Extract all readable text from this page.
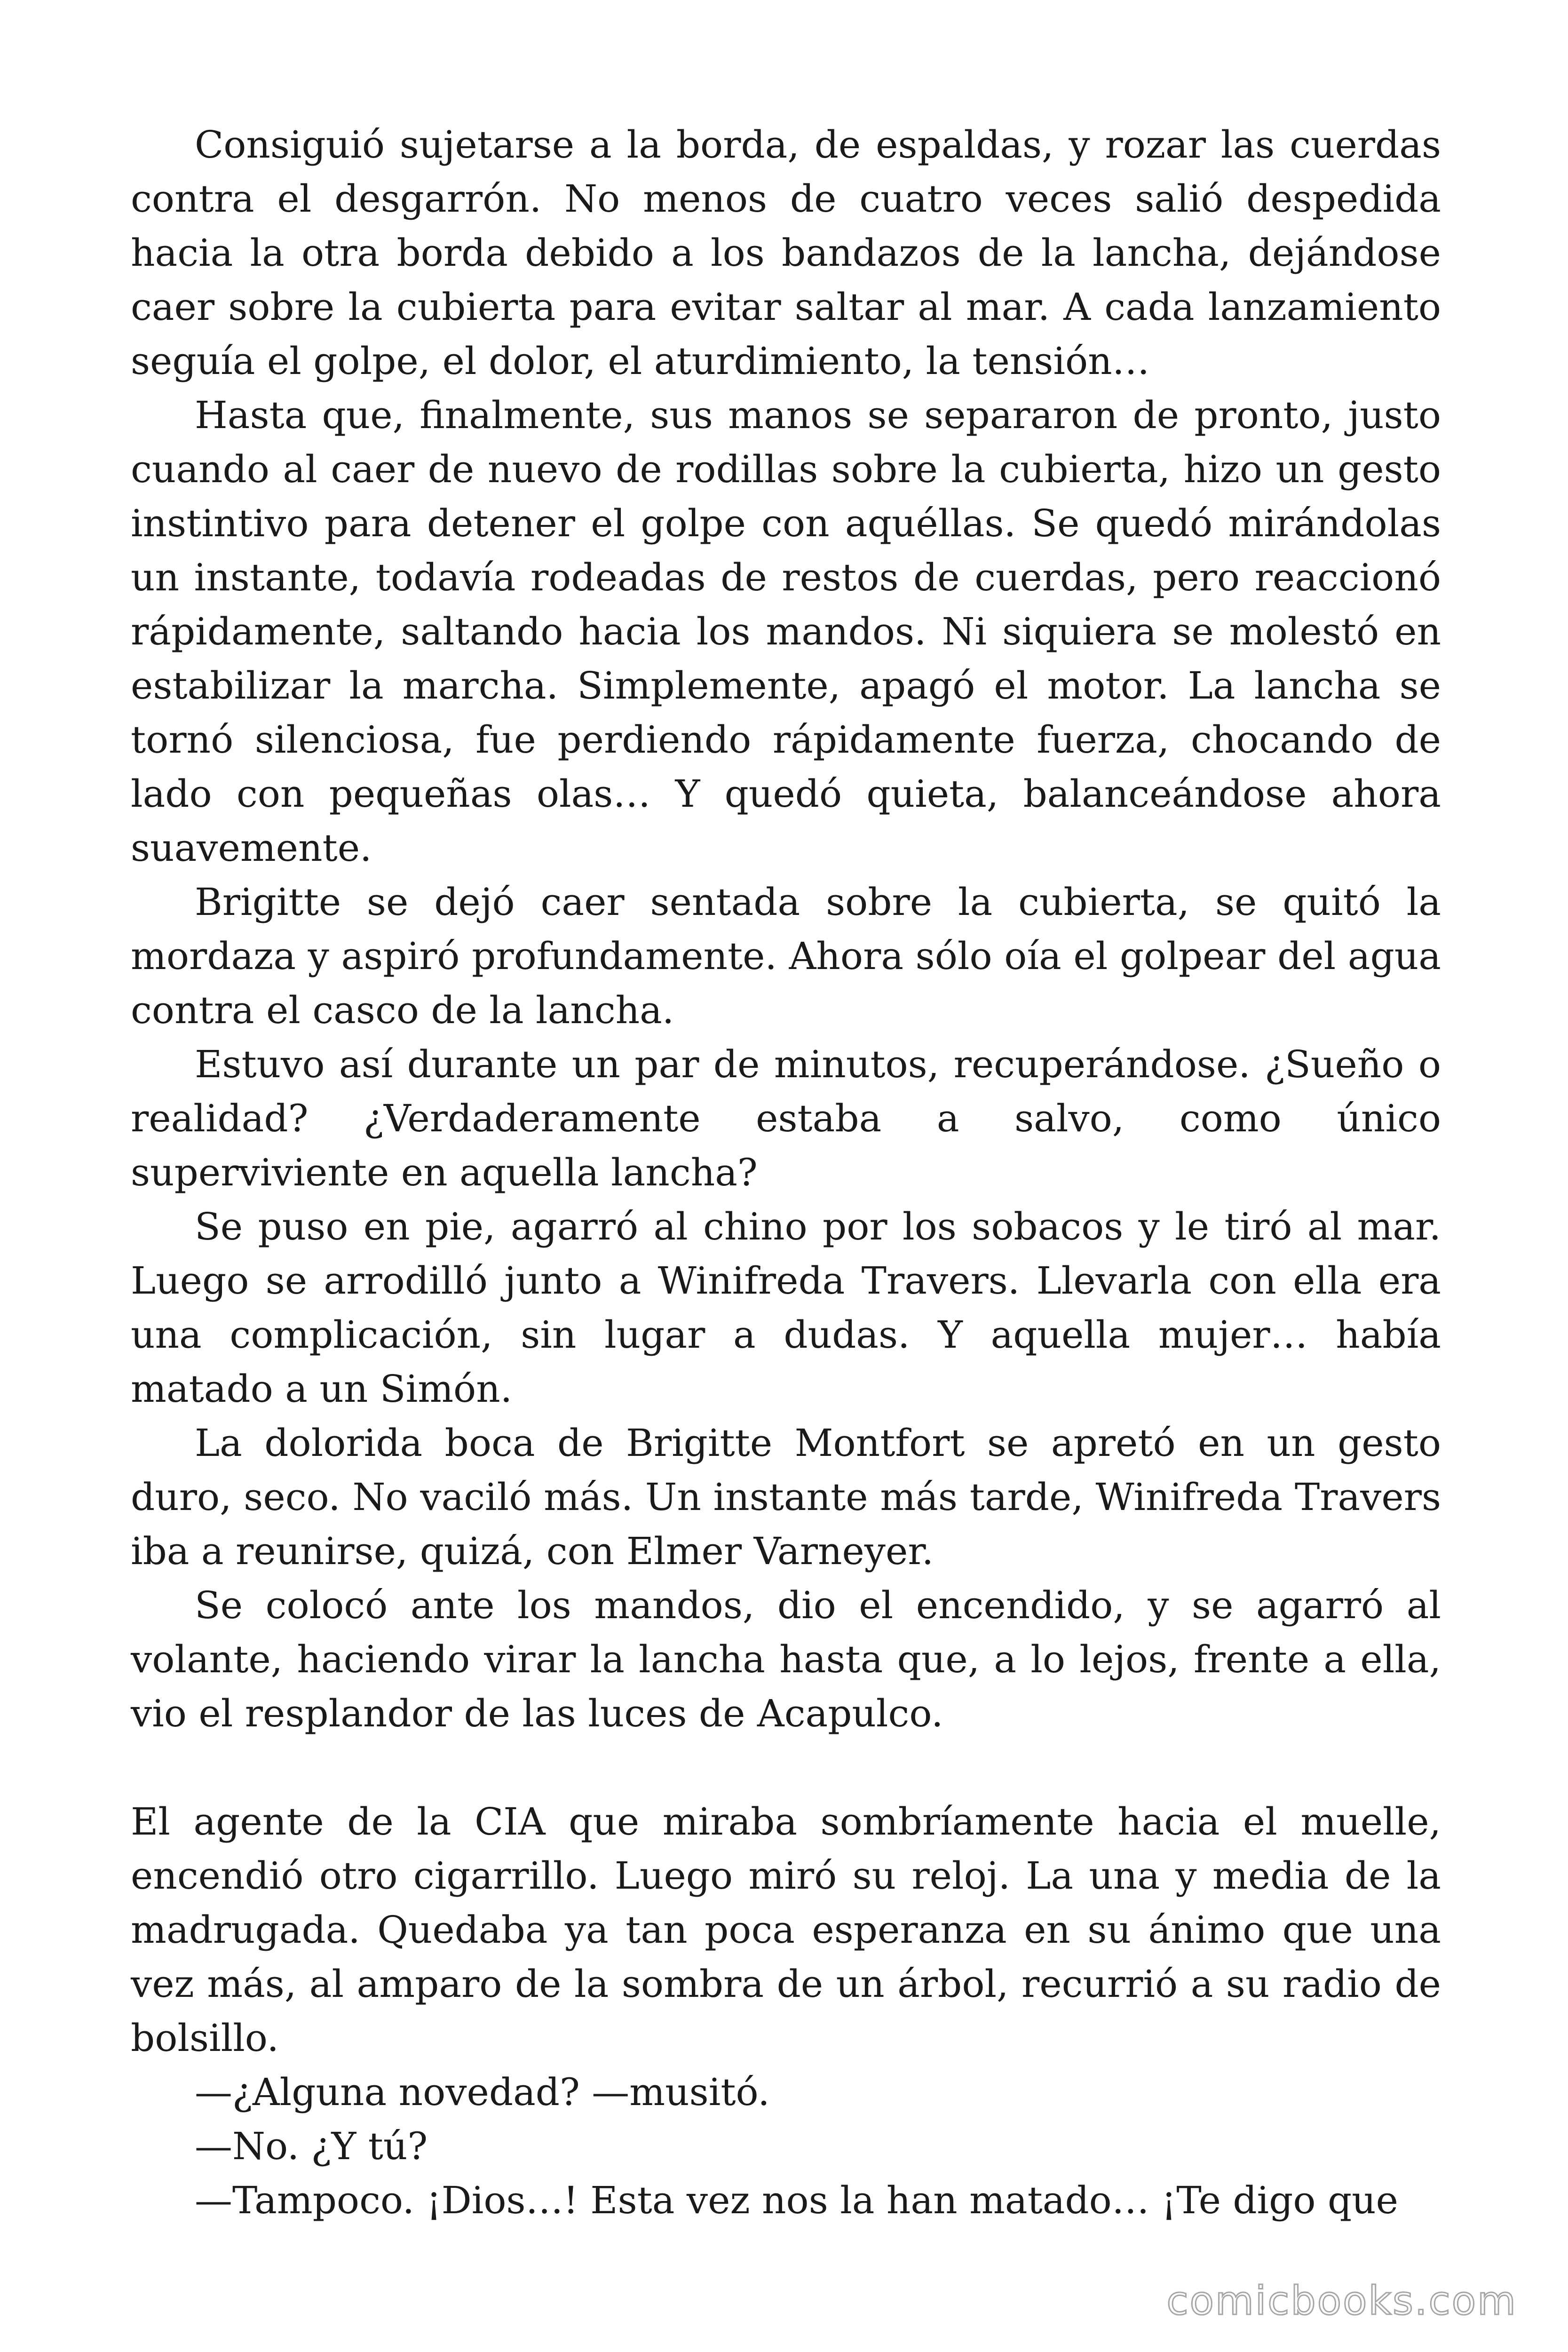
Consiguió sujetarse a la borda, de espaldas, y rozar las cuerdas contra el desgarrón. No menos de cuatro veces salió despedida hacia la otra borda debido a los bandazos de la lancha, dejándose caer sobre la cubierta para evitar saltar al mar. A cada lanzamiento seguía el golpe, el dolor, el aturdimiento, la tensión…

Hasta que, finalmente, sus manos se separaron de pronto, justo cuando al caer de nuevo de rodillas sobre la cubierta, hizo un gesto instintivo para detener el golpe con aquéllas. Se quedó mirándolas un instante, todavía rodeadas de restos de cuerdas, pero reaccionó rápidamente, saltando hacia los mandos. Ni siquiera se molestó en estabilizar la marcha. Simplemente, apagó el motor. La lancha se tornó silenciosa, fue perdiendo rápidamente fuerza, chocando de lado con pequeñas olas… Y quedó quieta, balanceándose ahora suavemente.

Brigitte se dejó caer sentada sobre la cubierta, se quitó la mordaza y aspiró profundamente. Ahora sólo oía el golpear del agua contra el casco de la lancha.

Estuvo así durante un par de minutos, recuperándose. ¿Sueño o realidad? ¿Verdaderamente estaba a salvo, como único superviviente en aquella lancha?

Se puso en pie, agarró al chino por los sobacos y le tiró al mar. Luego se arrodilló junto a Winifreda Travers. Llevarla con ella era una complicación, sin lugar a dudas. Y aquella mujer… había matado a un Simón.

La dolorida boca de Brigitte Montfort se apretó en un gesto duro, seco. No vaciló más. Un instante más tarde, Winifreda Travers iba a reunirse, quizá, con Elmer Varneyer.

Se colocó ante los mandos, dio el encendido, y se agarró al volante, haciendo virar la lancha hasta que, a lo lejos, frente a ella, vio el resplandor de las luces de Acapulco.

El agente de la CIA que miraba sombríamente hacia el muelle, encendió otro cigarrillo. Luego miró su reloj. La una y media de la madrugada. Quedaba ya tan poca esperanza en su ánimo que una vez más, al amparo de la sombra de un árbol, recurrió a su radio de bolsillo.

—¿Alguna novedad? —musitó.

—No. ¿Y tú?

—Tampoco. ¡Dios…! Esta vez nos la han matado… ¡Te digo que

comicbooks.com
